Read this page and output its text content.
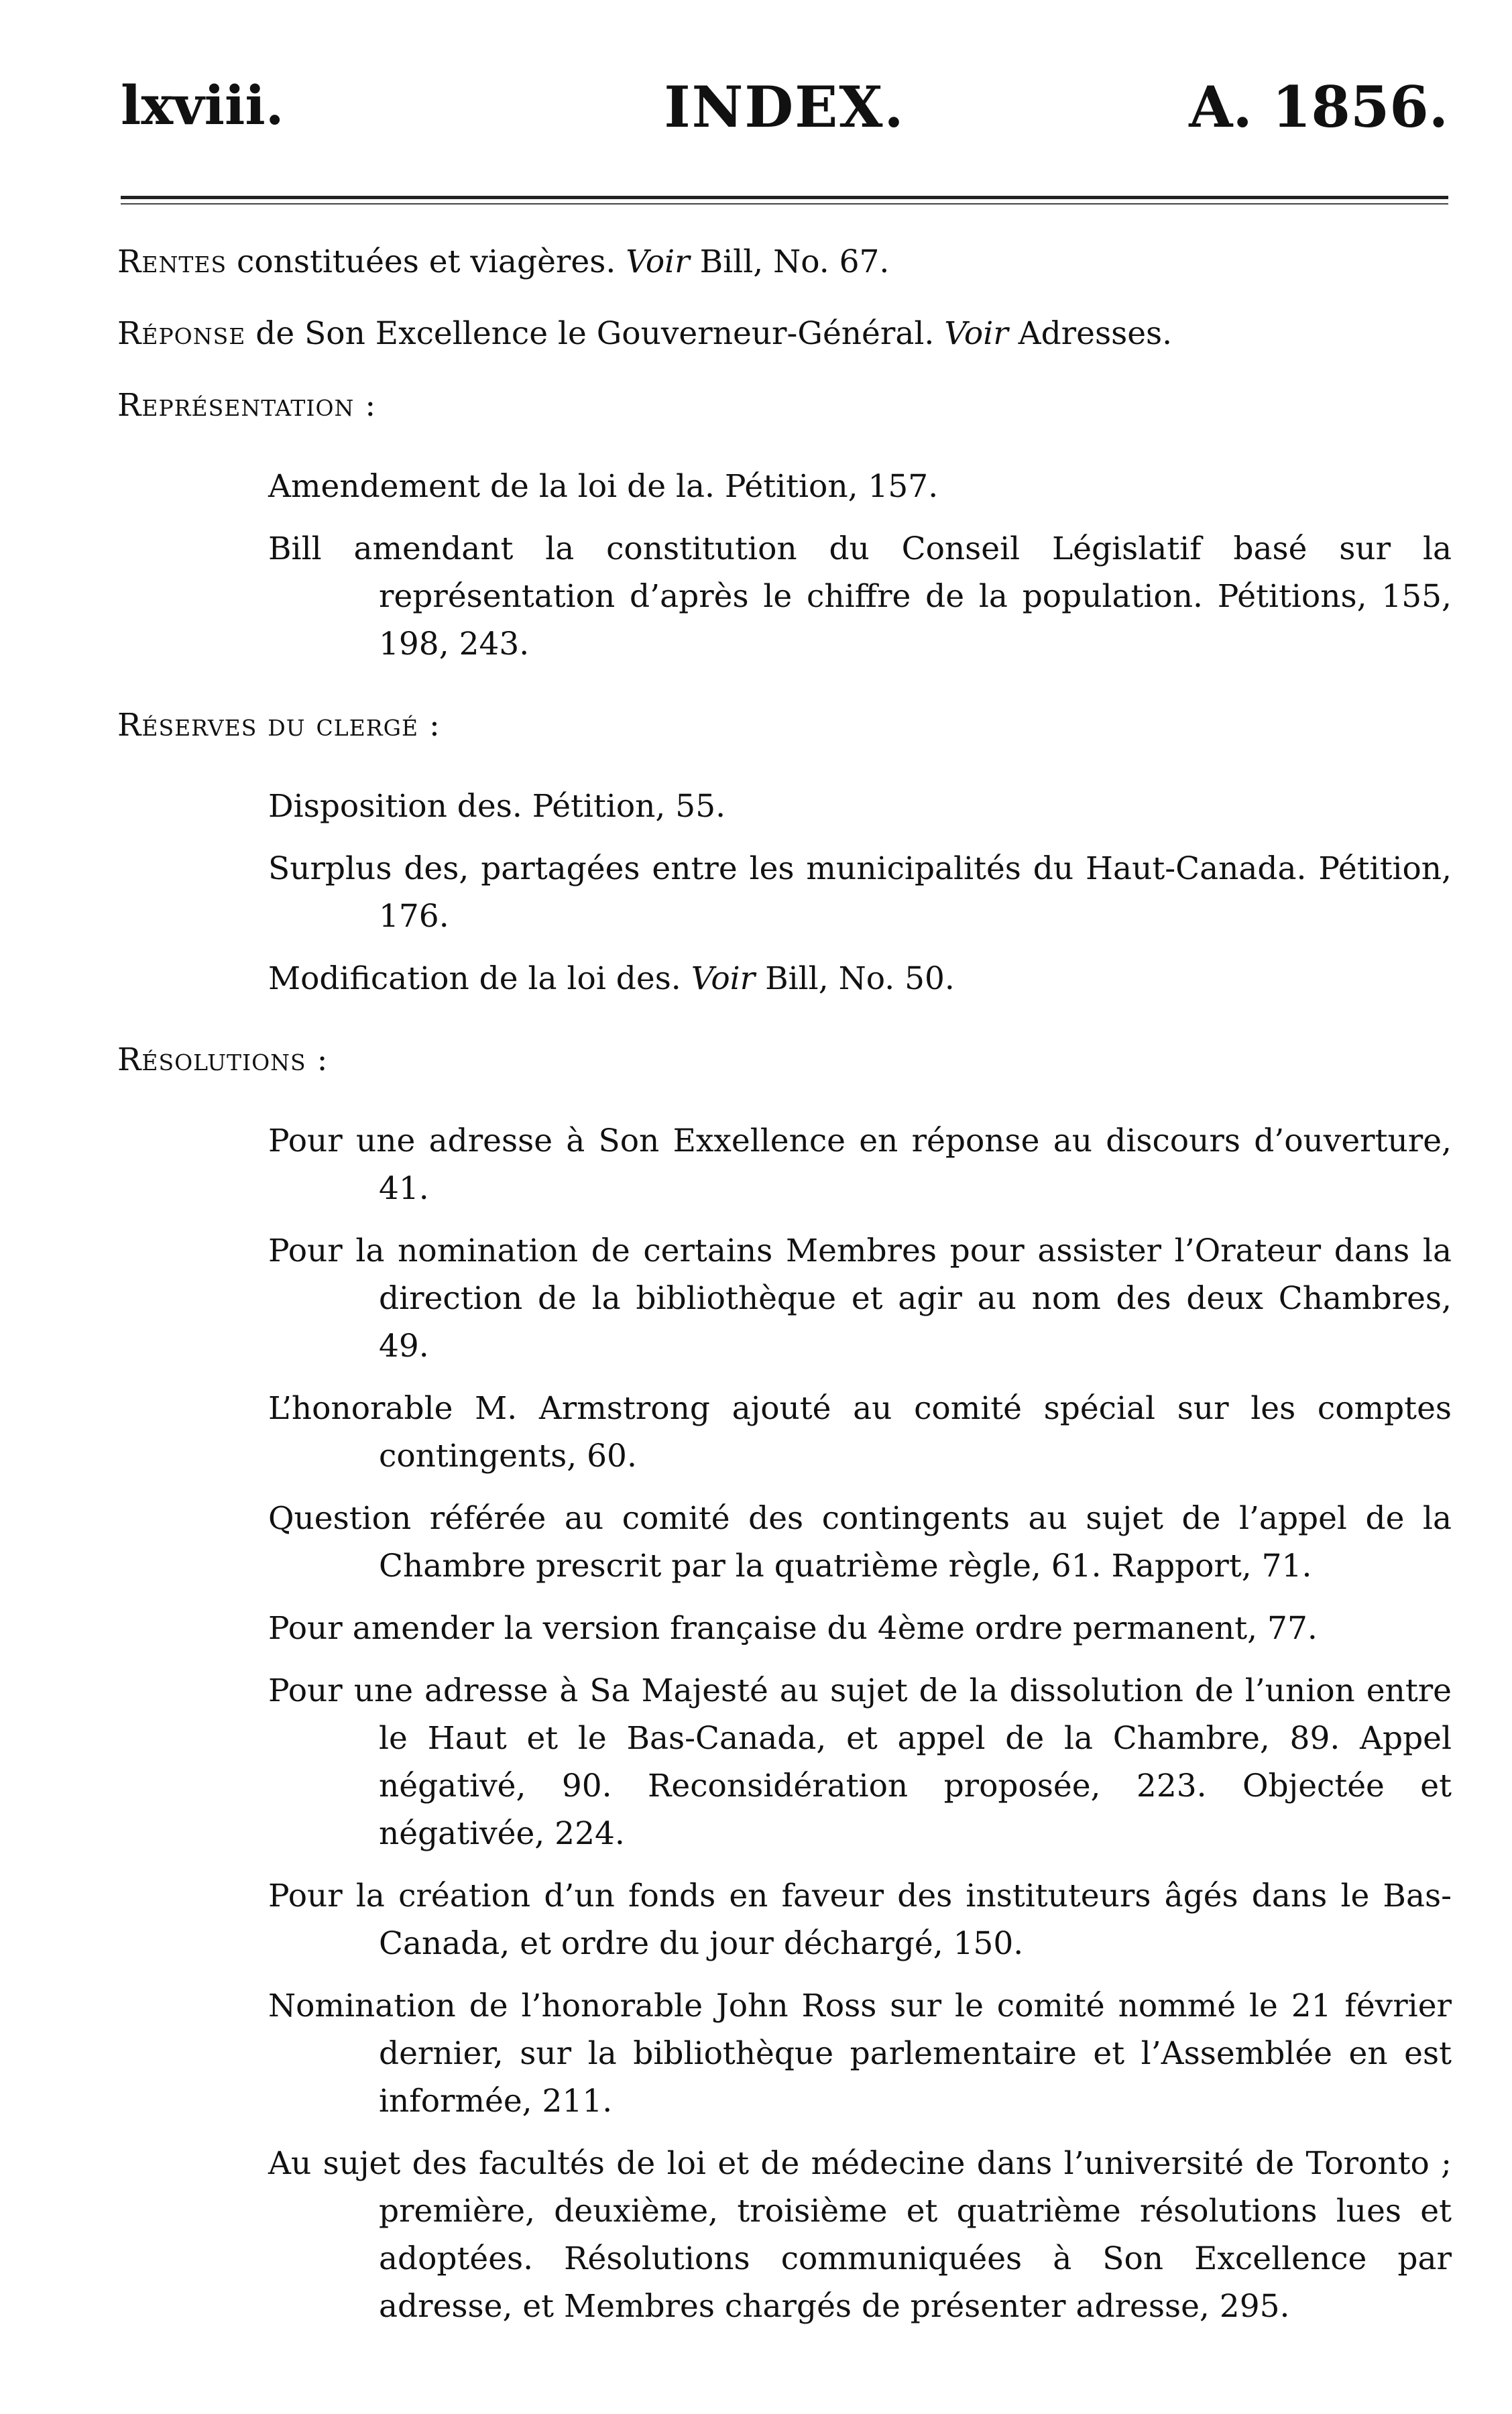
INDEX.
lxviii.	A. 1856.

Rentes constituées et viagères. Voir Bill, No. 67.

Réponse de Son Excellence le Gouverneur-Général. Voir Adresses.

Représentation :

Amendement de la loi de la. Pétition, 157.

Bill amendant la constitution du Conseil Législatif basé sur la représentation d’après le chiffre de la population. Pétitions, 155, 198, 243.

Réserves du clergé :

Disposition des. Pétition, 55.

Surplus des, partagées entre les municipalités du Haut-Canada. Pétition, 176.

Modification de la loi des. Voir Bill, No. 50.

Résolutions :

Pour une adresse à Son Exxellence en réponse au discours d’ouverture, 41.

Pour la nomination de certains Membres pour assister l’Orateur dans la direction de la bibliothèque et agir au nom des deux Chambres, 49.

L’honorable M. Armstrong ajouté au comité spécial sur les comptes contingents, 60.

Question référée au comité des contingents au sujet de l’appel de la Chambre prescrit par la quatrième règle, 61. Rapport, 71.

Pour amender la version française du 4ème ordre permanent, 77.

Pour une adresse à Sa Majesté au sujet de la dissolution de l’union entre le Haut et le Bas-Canada, et appel de la Chambre, 89. Appel négativé, 90. Reconsidération proposée, 223. Objectée et négativée, 224.

Pour la création d’un fonds en faveur des instituteurs âgés dans le Bas-Canada, et ordre du jour déchargé, 150.

Nomination de l’honorable John Ross sur le comité nommé le 21 février dernier, sur la bibliothèque parlementaire et l’Assemblée en est informée, 211.

Au sujet des facultés de loi et de médecine dans l’université de Toronto ; première, deuxième, troisième et quatrième résolutions lues et adoptées. Résolutions communiquées à Son Excellence par adresse, et Membres chargés de présenter adresse, 295.
